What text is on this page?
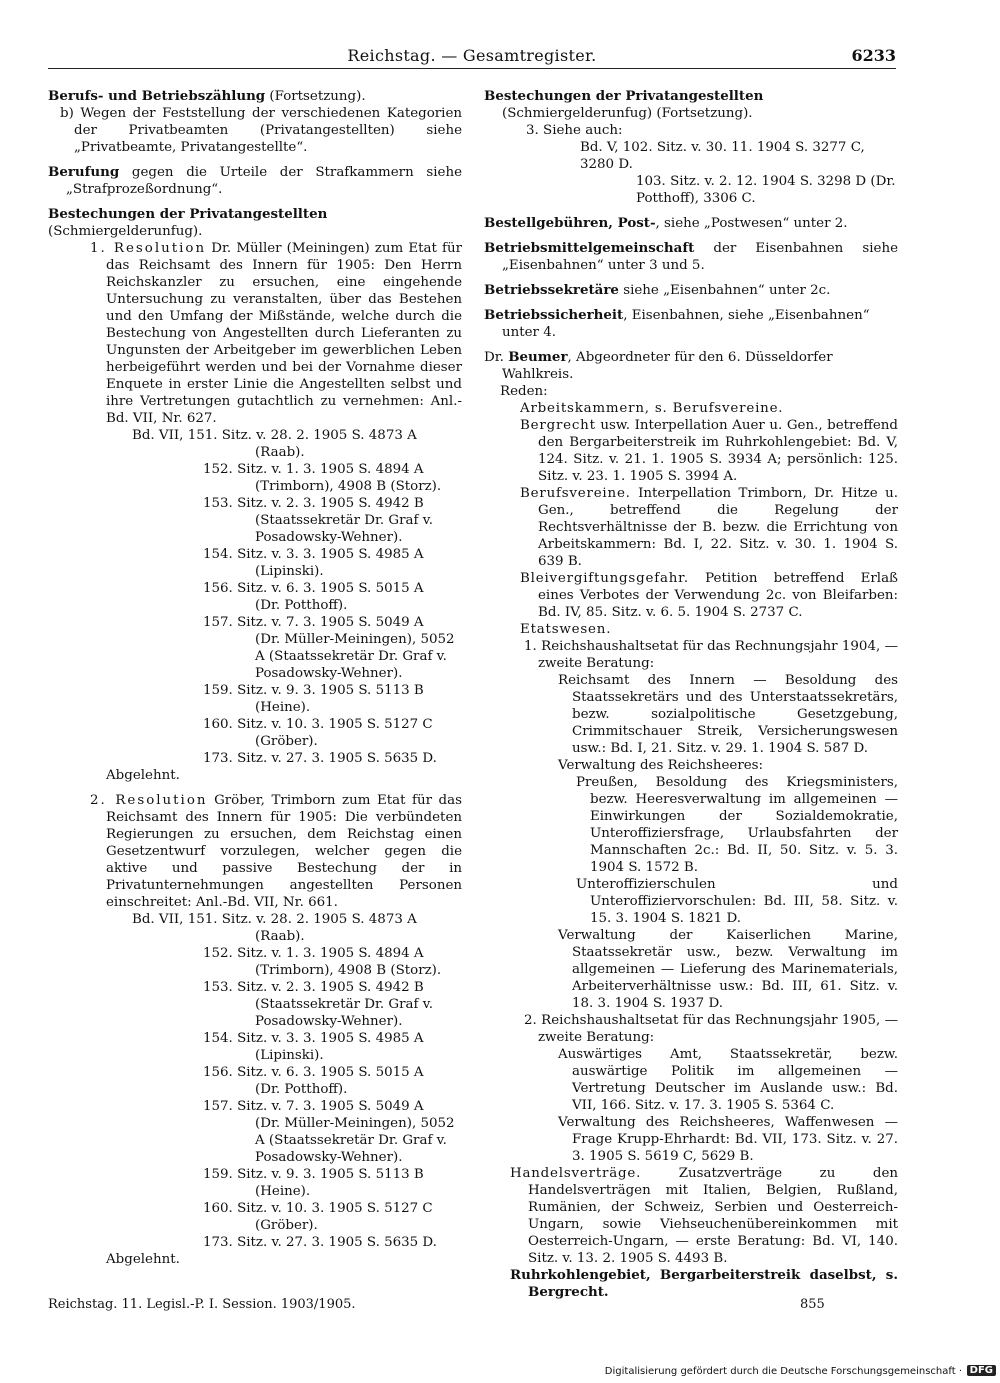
Reichstag. — Gesamtregister.	6233
Berufs- und Betriebszählung (Fortsetzung).
b) Wegen der Feststellung der verschiedenen Kategorien der Privatbeamten (Privatangestellten) siehe „Privatbeamte, Privatangestellte“.
Berufung gegen die Urteile der Strafkammern siehe „Strafprozeßordnung“.
Bestechungen der Privatangestellten (Schmiergelderunfug).
1. Resolution Dr. Müller (Meiningen) zum Etat für das Reichsamt des Innern für 1905: Den Herrn Reichskanzler zu ersuchen, eine eingehende Untersuchung zu veranstalten, über das Bestehen und den Umfang der Mißstände, welche durch die Bestechung von Angestellten durch Lieferanten zu Ungunsten der Arbeitgeber im gewerblichen Leben herbeigeführt werden und bei der Vornahme dieser Enquete in erster Linie die Angestellten selbst und ihre Vertretungen gutachtlich zu vernehmen: Anl.-Bd. VII, Nr. 627.
Bd. VII, 151. Sitz. v. 28. 2. 1905 S. 4873 A
(Raab).
152. Sitz. v. 1. 3. 1905 S. 4894 A
(Trimborn), 4908 B (Storz).
153. Sitz. v. 2. 3. 1905 S. 4942 B
(Staatssekretär Dr. Graf v. Posadowsky-Wehner).
154. Sitz. v. 3. 3. 1905 S. 4985 A
(Lipinski).
156. Sitz. v. 6. 3. 1905 S. 5015 A
(Dr. Potthoff).
157. Sitz. v. 7. 3. 1905 S. 5049 A
(Dr. Müller-Meiningen), 5052 A (Staatssekretär Dr. Graf v. Posadowsky-Wehner).
159. Sitz. v. 9. 3. 1905 S. 5113 B
(Heine).
160. Sitz. v. 10. 3. 1905 S. 5127 C
(Gröber).
173. Sitz. v. 27. 3. 1905 S. 5635 D.
Abgelehnt.
2. Resolution Gröber, Trimborn zum Etat für das Reichsamt des Innern für 1905: Die verbündeten Regierungen zu ersuchen, dem Reichstag einen Gesetzentwurf vorzulegen, welcher gegen die aktive und passive Bestechung der in Privatunternehmungen angestellten Personen einschreitet: Anl.-Bd. VII, Nr. 661.
Bd. VII, 151. Sitz. v. 28. 2. 1905 S. 4873 A
(Raab).
152. Sitz. v. 1. 3. 1905 S. 4894 A
(Trimborn), 4908 B (Storz).
153. Sitz. v. 2. 3. 1905 S. 4942 B
(Staatssekretär Dr. Graf v. Posadowsky-Wehner).
154. Sitz. v. 3. 3. 1905 S. 4985 A
(Lipinski).
156. Sitz. v. 6. 3. 1905 S. 5015 A
(Dr. Potthoff).
157. Sitz. v. 7. 3. 1905 S. 5049 A
(Dr. Müller-Meiningen), 5052 A (Staatssekretär Dr. Graf v. Posadowsky-Wehner).
159. Sitz. v. 9. 3. 1905 S. 5113 B
(Heine).
160. Sitz. v. 10. 3. 1905 S. 5127 C
(Gröber).
173. Sitz. v. 27. 3. 1905 S. 5635 D.
Abgelehnt.
Bestechungen der Privatangestellten (Schmiergelderunfug) (Fortsetzung).
3. Siehe auch:
Bd. V, 102. Sitz. v. 30. 11. 1904 S. 3277 C, 3280 D.
103. Sitz. v. 2. 12. 1904 S. 3298 D (Dr. Potthoff), 3306 C.
Bestellgebühren, Post-, siehe „Postwesen“ unter 2.
Betriebsmittelgemeinschaft der Eisenbahnen siehe „Eisenbahnen“ unter 3 und 5.
Betriebssekretäre siehe „Eisenbahnen“ unter 2c.
Betriebssicherheit, Eisenbahnen, siehe „Eisenbahnen“ unter 4.
Dr. Beumer, Abgeordneter für den 6. Düsseldorfer Wahlkreis.
Reden:
Arbeitskammern, s. Berufsvereine.
Bergrecht usw. Interpellation Auer u. Gen., betreffend den Bergarbeiterstreik im Ruhrkohlengebiet: Bd. V, 124. Sitz. v. 21. 1. 1905 S. 3934 A; persönlich: 125. Sitz. v. 23. 1. 1905 S. 3994 A.
Berufsvereine. Interpellation Trimborn, Dr. Hitze u. Gen., betreffend die Regelung der Rechtsverhältnisse der B. bezw. die Errichtung von Arbeitskammern: Bd. I, 22. Sitz. v. 30. 1. 1904 S. 639 B.
Bleivergiftungsgefahr. Petition betreffend Erlaß eines Verbotes der Verwendung 2c. von Bleifarben: Bd. IV, 85. Sitz. v. 6. 5. 1904 S. 2737 C.
Etatswesen.
1. Reichshaushaltsetat für das Rechnungsjahr 1904, — zweite Beratung:
Reichsamt des Innern — Besoldung des Staatssekretärs und des Unterstaatssekretärs, bezw. sozialpolitische Gesetzgebung, Crimmitschauer Streik, Versicherungswesen usw.: Bd. I, 21. Sitz. v. 29. 1. 1904 S. 587 D.
Verwaltung des Reichsheeres:
Preußen, Besoldung des Kriegsministers, bezw. Heeresverwaltung im allgemeinen — Einwirkungen der Sozialdemokratie, Unteroffiziersfrage, Urlaubsfahrten der Mannschaften 2c.: Bd. II, 50. Sitz. v. 5. 3. 1904 S. 1572 B.
Unteroffizierschulen und Unteroffiziervorschulen: Bd. III, 58. Sitz. v. 15. 3. 1904 S. 1821 D.
Verwaltung der Kaiserlichen Marine, Staatssekretär usw., bezw. Verwaltung im allgemeinen — Lieferung des Marinematerials, Arbeiterverhältnisse usw.: Bd. III, 61. Sitz. v. 18. 3. 1904 S. 1937 D.
2. Reichshaushaltsetat für das Rechnungsjahr 1905, — zweite Beratung:
Auswärtiges Amt, Staatssekretär, bezw. auswärtige Politik im allgemeinen — Vertretung Deutscher im Auslande usw.: Bd. VII, 166. Sitz. v. 17. 3. 1905 S. 5364 C.
Verwaltung des Reichsheeres, Waffenwesen — Frage Krupp-Ehrhardt: Bd. VII, 173. Sitz. v. 27. 3. 1905 S. 5619 C, 5629 B.
Handelsverträge. Zusatzverträge zu den Handelsverträgen mit Italien, Belgien, Rußland, Rumänien, der Schweiz, Serbien und Oesterreich-Ungarn, sowie Viehseuchenübereinkommen mit Oesterreich-Ungarn, — erste Beratung: Bd. VI, 140. Sitz. v. 13. 2. 1905 S. 4493 B.
Ruhrkohlengebiet, Bergarbeiterstreik daselbst, s. Bergrecht.
Reichstag. 11. Legisl.-P. I. Session. 1903/1905.	855
Digitalisierung gefördert durch die Deutsche Forschungsgemeinschaft · DFG
